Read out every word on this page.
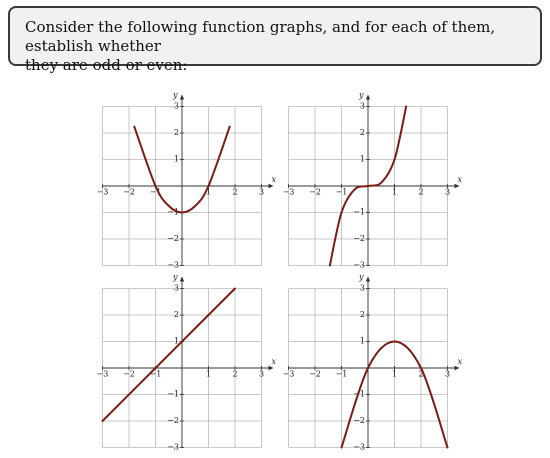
Consider the following function graphs, and for each of them, establish whether

they are odd or even:

x
y
−3
−3
−2
−2
−1
−1
1
1
2
2
3
3
x
y
−3
−3
−2
−2
−1
−1
1
1
2
2
3
3
x
y
−3
−3
−2
−2
−1
−1
1
1
2
2
3
3
x
y
−3
−3
−2
−2
−1
−1
1
1
2
2
3
3
